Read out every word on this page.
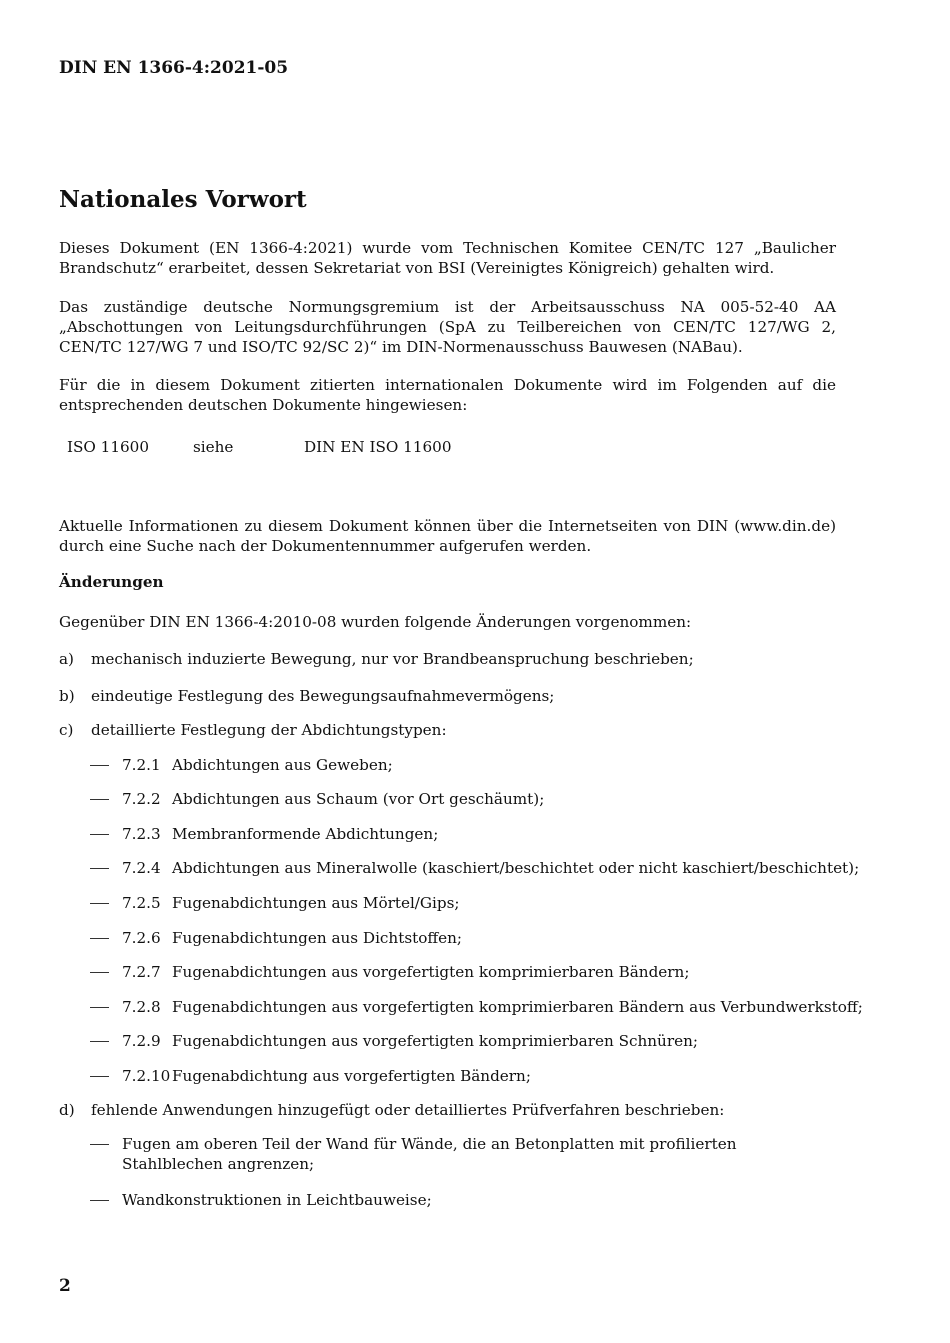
DIN EN 1366-4:2021-05
Nationales Vorwort
Dieses Dokument (EN 1366-4:2021) wurde vom Technischen Komitee CEN/TC 127 „Baulicher Brandschutz“ erarbeitet, dessen Sekretariat von BSI (Vereinigtes Königreich) gehalten wird.
Das zuständige deutsche Normungsgremium ist der Arbeitsausschuss NA 005-52-40 AA „Abschottungen von Leitungsdurchführungen (SpA zu Teilbereichen von CEN/TC 127/WG 2, CEN/TC 127/WG 7 und ISO/TC 92/SC 2)“ im DIN-Normenausschuss Bauwesen (NABau).
Für die in diesem Dokument zitierten internationalen Dokumente wird im Folgenden auf die entsprechenden deutschen Dokumente hingewiesen:
ISO 11600	siehe	DIN EN ISO 11600
Aktuelle Informationen zu diesem Dokument können über die Internetseiten von DIN (www.din.de) durch eine Suche nach der Dokumentennummer aufgerufen werden.
Änderungen
Gegenüber DIN EN 1366-4:2010-08 wurden folgende Änderungen vorgenommen:
a) mechanisch induzierte Bewegung, nur vor Brandbeanspruchung beschrieben;
b) eindeutige Festlegung des Bewegungsaufnahmevermögens;
c) detaillierte Festlegung der Abdichtungstypen:
7.2.1 Abdichtungen aus Geweben;
7.2.2 Abdichtungen aus Schaum (vor Ort geschäumt);
7.2.3 Membranformende Abdichtungen;
7.2.4 Abdichtungen aus Mineralwolle (kaschiert/beschichtet oder nicht kaschiert/beschichtet);
7.2.5 Fugenabdichtungen aus Mörtel/Gips;
7.2.6 Fugenabdichtungen aus Dichtstoffen;
7.2.7 Fugenabdichtungen aus vorgefertigten komprimierbaren Bändern;
7.2.8 Fugenabdichtungen aus vorgefertigten komprimierbaren Bändern aus Verbundwerkstoff;
7.2.9 Fugenabdichtungen aus vorgefertigten komprimierbaren Schnüren;
7.2.10 Fugenabdichtung aus vorgefertigten Bändern;
d) fehlende Anwendungen hinzugefügt oder detailliertes Prüfverfahren beschrieben:
Fugen am oberen Teil der Wand für Wände, die an Betonplatten mit profilierten Stahlblechen angrenzen;
Wandkonstruktionen in Leichtbauweise;
2
